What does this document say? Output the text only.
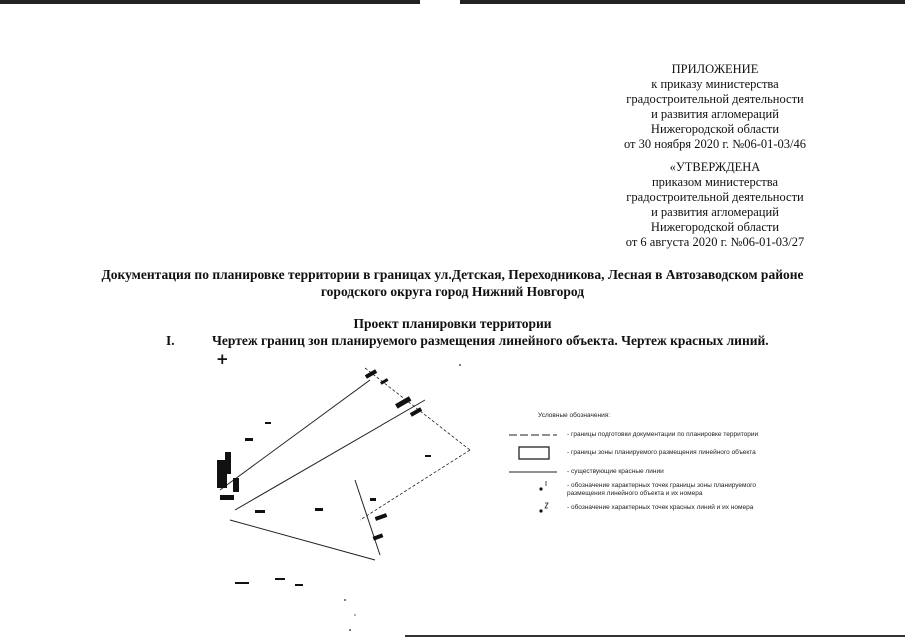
ПРИЛОЖЕНИЕ
к приказу министерства
градостроительной деятельности
и развития агломераций
Нижегородской области
от 30 ноября 2020 г. №06-01-03/46
«УТВЕРЖДЕНА
приказом министерства
градостроительной деятельности
и развития агломераций
Нижегородской области
от 6 августа 2020 г. №06-01-03/27
Документация по планировке территории в границах ул.Детская, Переходникова, Лесная в Автозаводском районе
городского округа город Нижний Новгород
Проект планировки территории
I.	Чертеж границ зон планируемого размещения линейного объекта. Чертеж красных линий.
+
Условные обозначения:
- границы подготовки документации по планировке территории
- границы зоны планируемого размещения линейного объекта
- существующие красные линии
- обозначение характерных точек границы зоны планируемого размещения линейного объекта и их номера
- обозначение характерных точек красных линий и их номера
